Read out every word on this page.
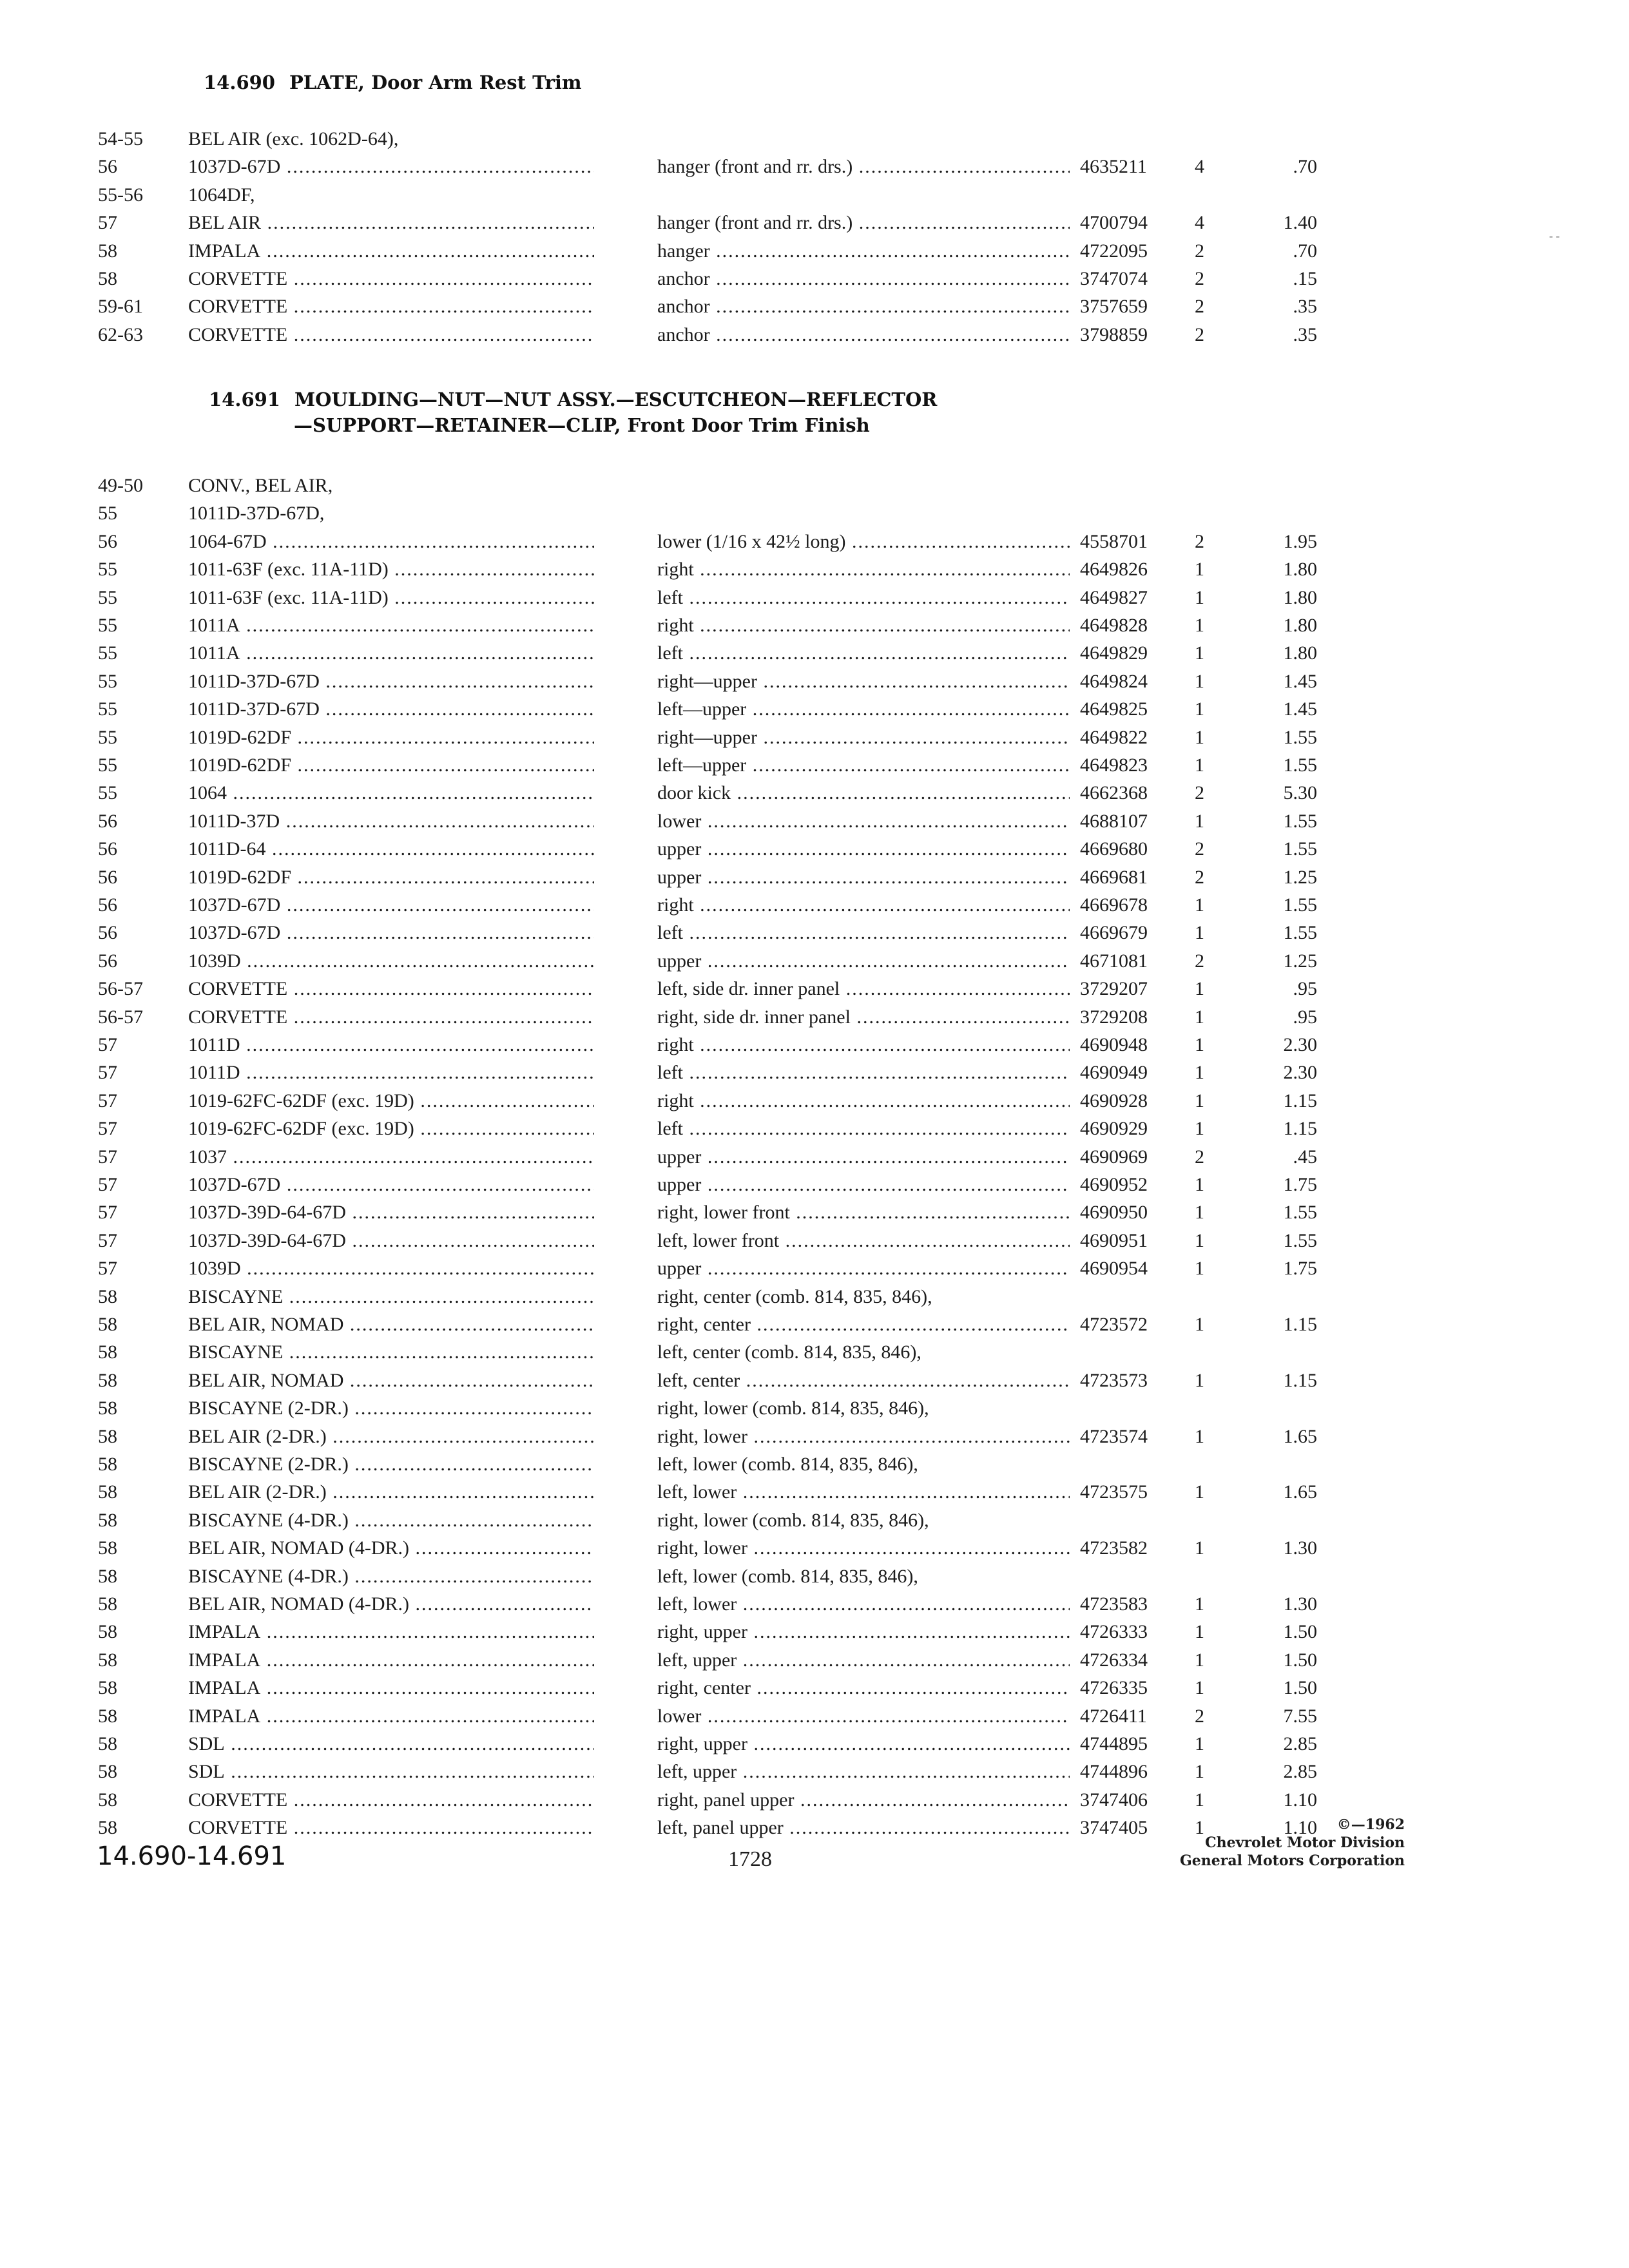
14.690 PLATE, Door Arm Rest Trim
54-55	BEL AIR (exc. 1062D-64),
56	1037D-67D .....	hanger (front and rr. drs.) .....	4635211	4	.70
55-56	1064DF,
57	BEL AIR .....	hanger (front and rr. drs.) .....	4700794	4	1.40
58	IMPALA .....	hanger .....	4722095	2	.70
58	CORVETTE .....	anchor .....	3747074	2	.15
59-61	CORVETTE .....	anchor .....	3757659	2	.35
62-63	CORVETTE .....	anchor .....	3798859	2	.35
14.691 MOULDING—NUT—NUT ASSY.—ESCUTCHEON—REFLECTOR
—SUPPORT—RETAINER—CLIP, Front Door Trim Finish
49-50	CONV., BEL AIR,
55	1011D-37D-67D,
56	1064-67D .....	lower (1/16 x 42½ long) .....	4558701	2	1.95
55	1011-63F (exc. 11A-11D) .....	right .....	4649826	1	1.80
55	1011-63F (exc. 11A-11D) .....	left .....	4649827	1	1.80
55	1011A .....	right .....	4649828	1	1.80
55	1011A .....	left .....	4649829	1	1.80
55	1011D-37D-67D .....	right—upper .....	4649824	1	1.45
55	1011D-37D-67D .....	left—upper .....	4649825	1	1.45
55	1019D-62DF .....	right—upper .....	4649822	1	1.55
55	1019D-62DF .....	left—upper .....	4649823	1	1.55
55	1064 .....	door kick .....	4662368	2	5.30
56	1011D-37D .....	lower .....	4688107	1	1.55
56	1011D-64 .....	upper .....	4669680	2	1.55
56	1019D-62DF .....	upper .....	4669681	2	1.25
56	1037D-67D .....	right .....	4669678	1	1.55
56	1037D-67D .....	left .....	4669679	1	1.55
56	1039D .....	upper .....	4671081	2	1.25
56-57	CORVETTE .....	left, side dr. inner panel .....	3729207	1	.95
56-57	CORVETTE .....	right, side dr. inner panel .....	3729208	1	.95
57	1011D .....	right .....	4690948	1	2.30
57	1011D .....	left .....	4690949	1	2.30
57	1019-62FC-62DF (exc. 19D) .....	right .....	4690928	1	1.15
57	1019-62FC-62DF (exc. 19D) .....	left .....	4690929	1	1.15
57	1037 .....	upper .....	4690969	2	.45
57	1037D-67D .....	upper .....	4690952	1	1.75
57	1037D-39D-64-67D .....	right, lower front .....	4690950	1	1.55
57	1037D-39D-64-67D .....	left, lower front .....	4690951	1	1.55
57	1039D .....	upper .....	4690954	1	1.75
58	BISCAYNE .....	right, center (comb. 814, 835, 846),
58	BEL AIR, NOMAD .....	right, center .....	4723572	1	1.15
58	BISCAYNE .....	left, center (comb. 814, 835, 846),
58	BEL AIR, NOMAD .....	left, center .....	4723573	1	1.15
58	BISCAYNE (2-DR.) .....	right, lower (comb. 814, 835, 846),
58	BEL AIR (2-DR.) .....	right, lower .....	4723574	1	1.65
58	BISCAYNE (2-DR.) .....	left, lower (comb. 814, 835, 846),
58	BEL AIR (2-DR.) .....	left, lower .....	4723575	1	1.65
58	BISCAYNE (4-DR.) .....	right, lower (comb. 814, 835, 846),
58	BEL AIR, NOMAD (4-DR.) .....	right, lower .....	4723582	1	1.30
58	BISCAYNE (4-DR.) .....	left, lower (comb. 814, 835, 846),
58	BEL AIR, NOMAD (4-DR.) .....	left, lower .....	4723583	1	1.30
58	IMPALA .....	right, upper .....	4726333	1	1.50
58	IMPALA .....	left, upper .....	4726334	1	1.50
58	IMPALA .....	right, center .....	4726335	1	1.50
58	IMPALA .....	lower .....	4726411	2	7.55
58	SDL .....	right, upper .....	4744895	1	2.85
58	SDL .....	left, upper .....	4744896	1	2.85
58	CORVETTE .....	right, panel upper .....	3747406	1	1.10
58	CORVETTE .....	left, panel upper .....	3747405	1	1.10
14.690-14.691	1728
©—1962
Chevrolet Motor Division
General Motors Corporation
- -
